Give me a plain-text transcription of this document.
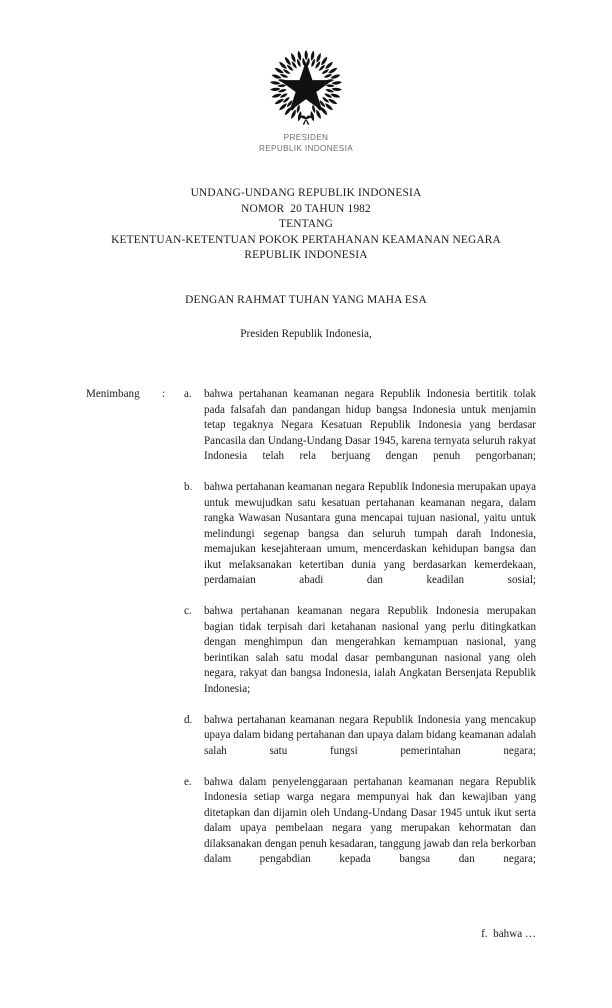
PRESIDEN
REPUBLIK INDONESIA
UNDANG-UNDANG REPUBLIK INDONESIA
NOMOR  20 TAHUN 1982
TENTANG
KETENTUAN-KETENTUAN POKOK PERTAHANAN KEAMANAN NEGARA
REPUBLIK INDONESIA
DENGAN RAHMAT TUHAN YANG MAHA ESA
Presiden Republik Indonesia,
Menimbang	:	a.	bahwa pertahanan keamanan negara Republik Indonesia bertitik tolak pada falsafah dan pandangan hidup bangsa Indonesia untuk menjamin tetap tegaknya Negara Kesatuan Republik Indonesia yang berdasar Pancasila dan Undang-Undang Dasar 1945, karena ternyata seluruh rakyat Indonesia telah rela berjuang dengan penuh pengorbanan;
b.	bahwa pertahanan keamanan negara Republik Indonesia merupakan upaya untuk mewujudkan satu kesatuan pertahanan keamanan negara, dalam rangka Wawasan Nusantara guna mencapai tujuan nasional, yaitu untuk melindungi segenap bangsa dan seluruh tumpah darah Indonesia, memajukan kesejahteraan umum, mencerdaskan kehidupan bangsa dan ikut melaksanakan ketertiban dunia yang berdasarkan kemerdekaan, perdamaian abadi dan keadilan sosial;
c.	bahwa pertahanan keamanan negara Republik Indonesia merupakan bagian tidak terpisah dari ketahanan nasional yang perlu ditingkatkan dengan menghimpun dan mengerahkan kemampuan nasional, yang berintikan salah satu modal dasar pembangunan nasional yang oleh negara, rakyat dan bangsa Indonesia, ialah Angkatan Bersenjata Republik Indonesia;
d.	bahwa pertahanan keamanan negara Republik Indonesia yang mencakup upaya dalam bidang pertahanan dan upaya dalam bidang keamanan adalah salah satu fungsi pemerintahan negara;
e.	bahwa dalam penyelenggaraan pertahanan keamanan negara Republik Indonesia setiap warga negara mempunyai hak dan kewajiban yang ditetapkan dan dijamin oleh Undang-Undang Dasar 1945 untuk ikut serta dalam upaya pembelaan negara yang merupakan kehormatan dan dilaksanakan dengan penuh kesadaran, tanggung jawab dan rela berkorban dalam pengabdian kepada bangsa dan negara;
f.  bahwa …
